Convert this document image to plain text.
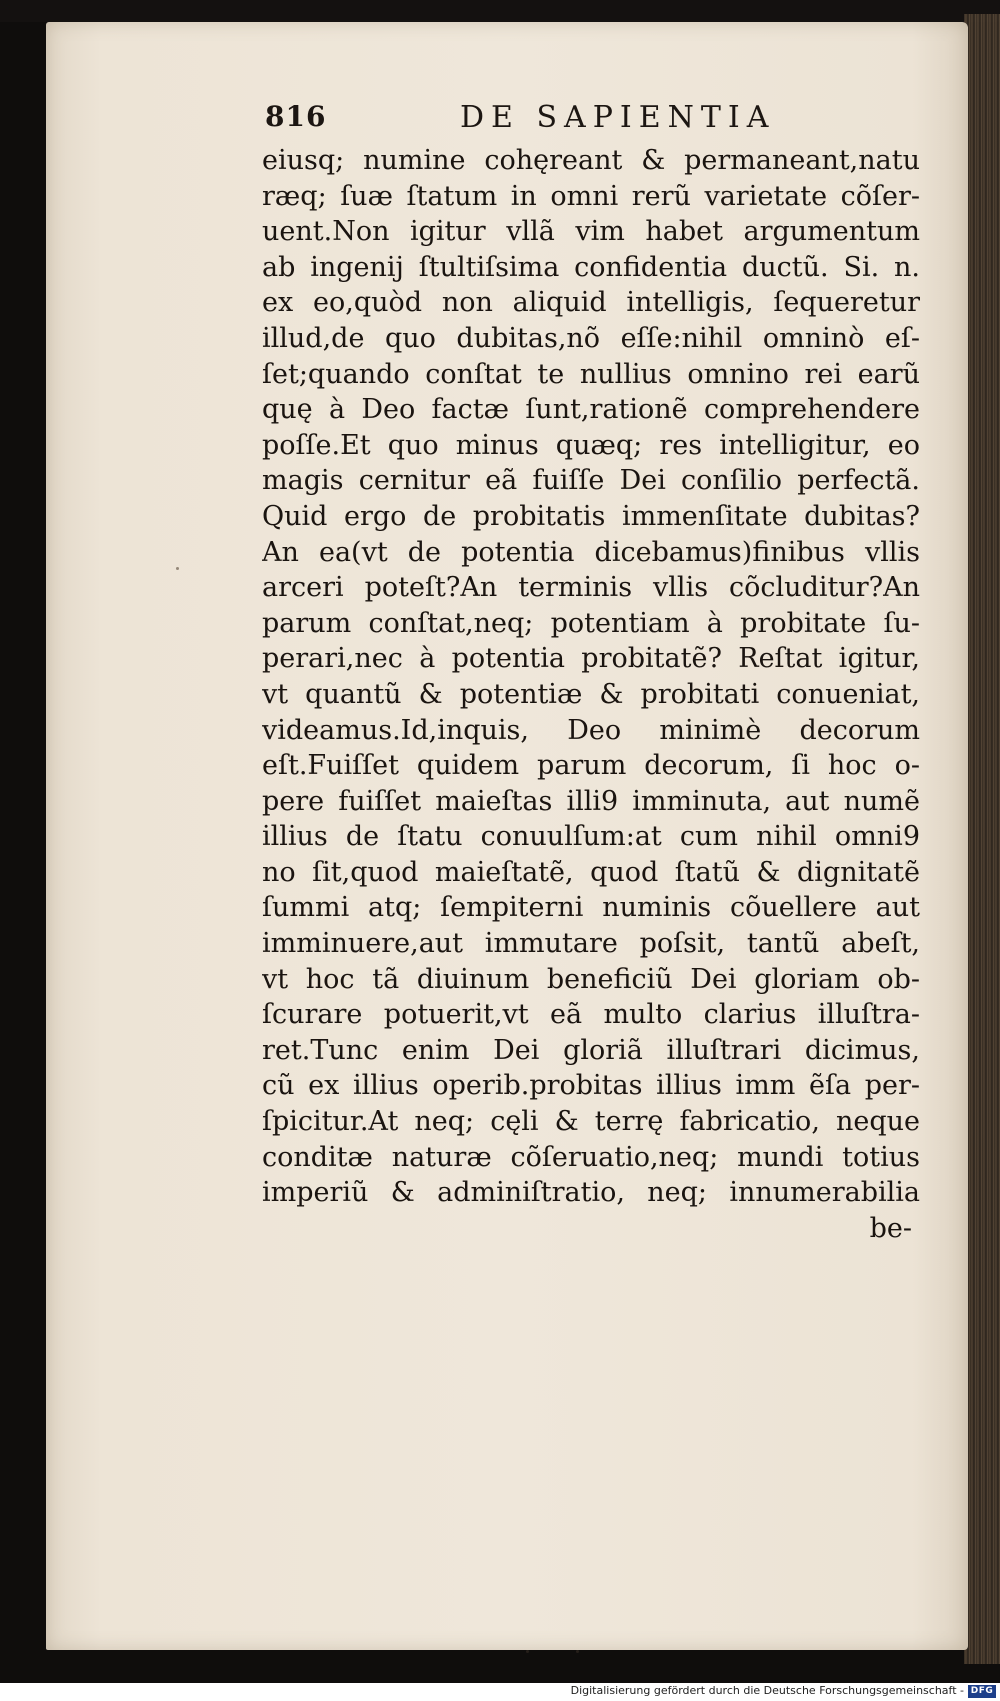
816	DE SAPIENTIA
eiusq; numine cohęreant & permaneant,natu
ræq; ſuæ ſtatum in omni rerũ varietate cõſer-
uent.Non igitur vllã vim habet argumentum
ab ingenij ſtultiſsima confidentia ductũ. Si. n.
ex eo,quòd non aliquid intelligis, ſequeretur
illud,de quo dubitas,nõ eſſe:nihil omninò eſ-
ſet;quando conſtat te nullius omnino rei earũ
quę à Deo factæ ſunt,rationẽ comprehendere
poſſe.Et quo minus quæq; res intelligitur, eo
magis cernitur eã fuiſſe Dei conſilio perfectã.
Quid ergo de probitatis immenſitate dubitas?
An ea(vt de potentia dicebamus)finibus vllis
arceri poteſt?An terminis vllis cõcluditur?An
parum conſtat,neq; potentiam à probitate ſu-
perari,nec à potentia probitatẽ? Reſtat igitur,
vt quantũ & potentiæ & probitati conueniat,
videamus.Id,inquis, Deo minimè decorum
eſt.Fuiſſet quidem parum decorum, ſi hoc o-
pere fuiſſet maieſtas illi9 imminuta, aut numẽ
illius de ſtatu conuulſum:at cum nihil omni9
no ſit,quod maieſtatẽ, quod ſtatũ & dignitatẽ
ſummi atq; ſempiterni numinis cõuellere aut
imminuere,aut immutare poſsit, tantũ abeſt,
vt hoc tã diuinum beneficiũ Dei gloriam ob-
ſcurare potuerit,vt eã multo clarius illuſtra-
ret.Tunc enim Dei gloriã illuſtrari dicimus,
cũ ex illius operib.probitas illius imm ẽſa per-
ſpicitur.At neq; cęli & terrę fabricatio, neque
conditæ naturæ cõſeruatio,neq; mundi totius
imperiũ & adminiſtratio, neq; innumerabilia
be-
Digitalisierung gefördert durch die Deutsche Forschungsgemeinschaft - DFG
